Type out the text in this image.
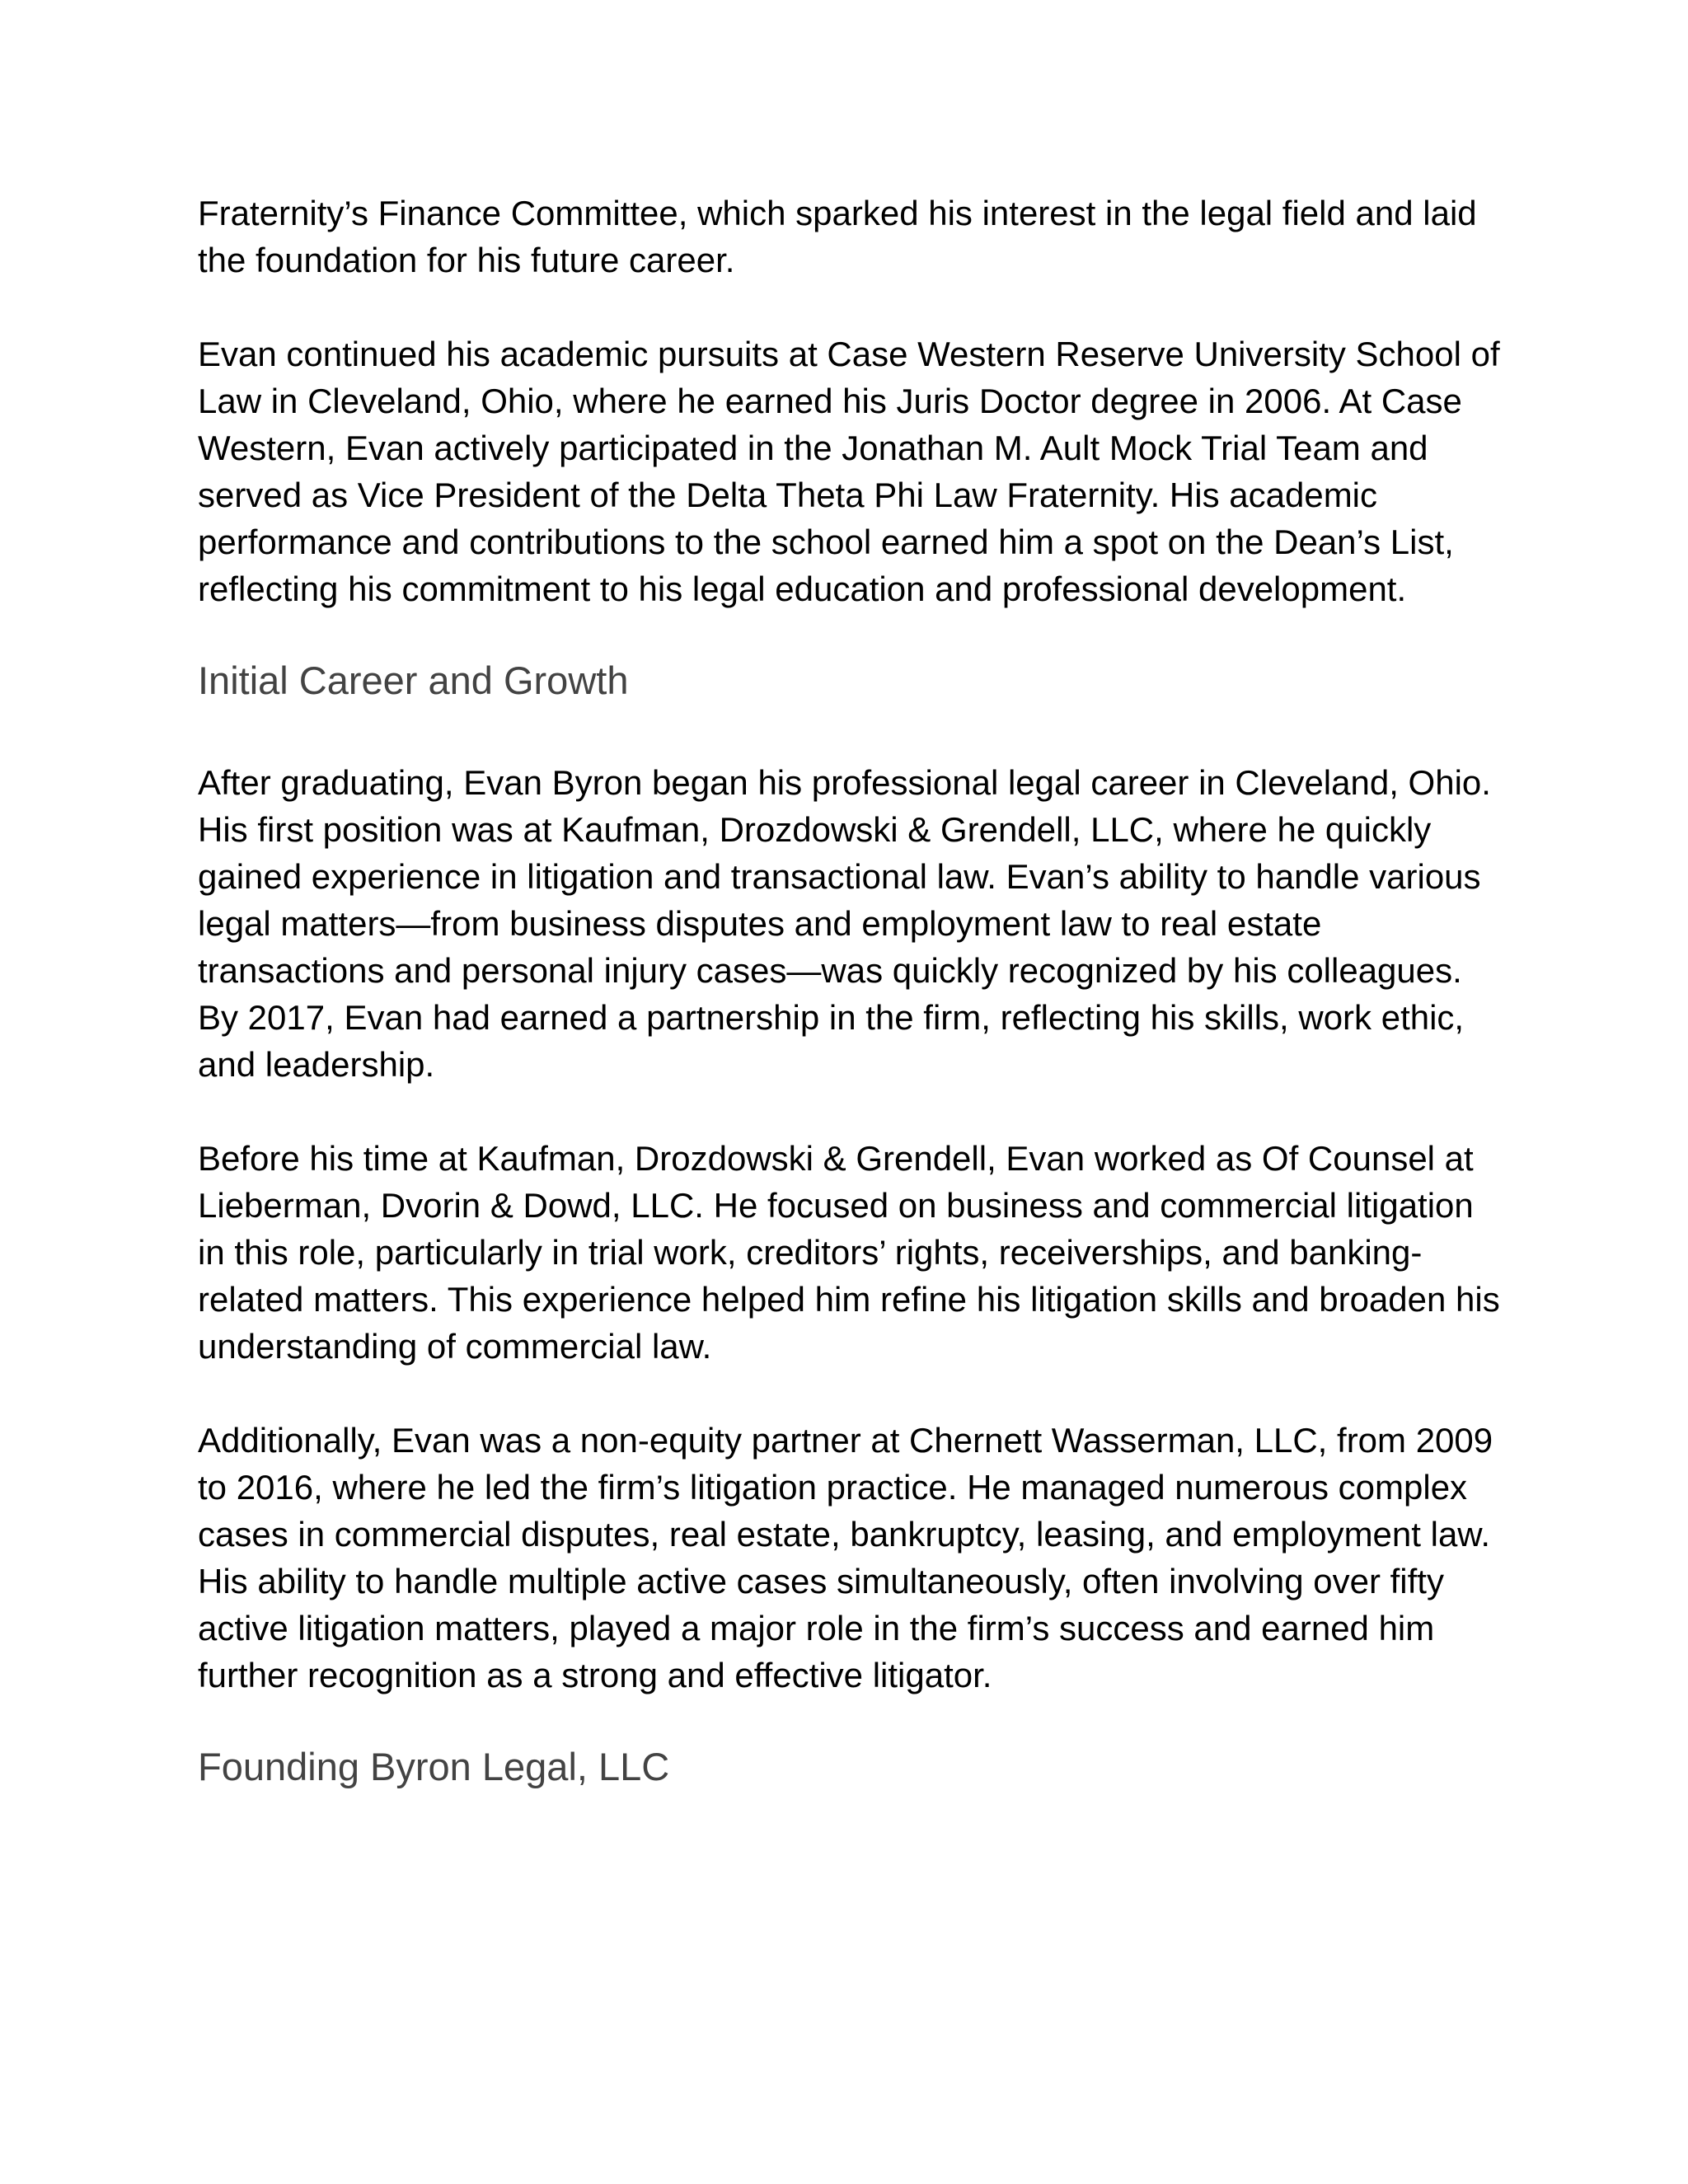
Fraternity’s Finance Committee, which sparked his interest in the legal field and laid the foundation for his future career.

Evan continued his academic pursuits at Case Western Reserve University School of Law in Cleveland, Ohio, where he earned his Juris Doctor degree in 2006. At Case Western, Evan actively participated in the Jonathan M. Ault Mock Trial Team and served as Vice President of the Delta Theta Phi Law Fraternity. His academic performance and contributions to the school earned him a spot on the Dean’s List, reflecting his commitment to his legal education and professional development.

Initial Career and Growth

After graduating, Evan Byron began his professional legal career in Cleveland, Ohio. His first position was at Kaufman, Drozdowski & Grendell, LLC, where he quickly gained experience in litigation and transactional law. Evan’s ability to handle various legal matters—from business disputes and employment law to real estate transactions and personal injury cases—was quickly recognized by his colleagues. By 2017, Evan had earned a partnership in the firm, reflecting his skills, work ethic, and leadership.

Before his time at Kaufman, Drozdowski & Grendell, Evan worked as Of Counsel at Lieberman, Dvorin & Dowd, LLC. He focused on business and commercial litigation in this role, particularly in trial work, creditors’ rights, receiverships, and banking-related matters. This experience helped him refine his litigation skills and broaden his understanding of commercial law.

Additionally, Evan was a non-equity partner at Chernett Wasserman, LLC, from 2009 to 2016, where he led the firm’s litigation practice. He managed numerous complex cases in commercial disputes, real estate, bankruptcy, leasing, and employment law. His ability to handle multiple active cases simultaneously, often involving over fifty active litigation matters, played a major role in the firm’s success and earned him further recognition as a strong and effective litigator.

Founding Byron Legal, LLC
